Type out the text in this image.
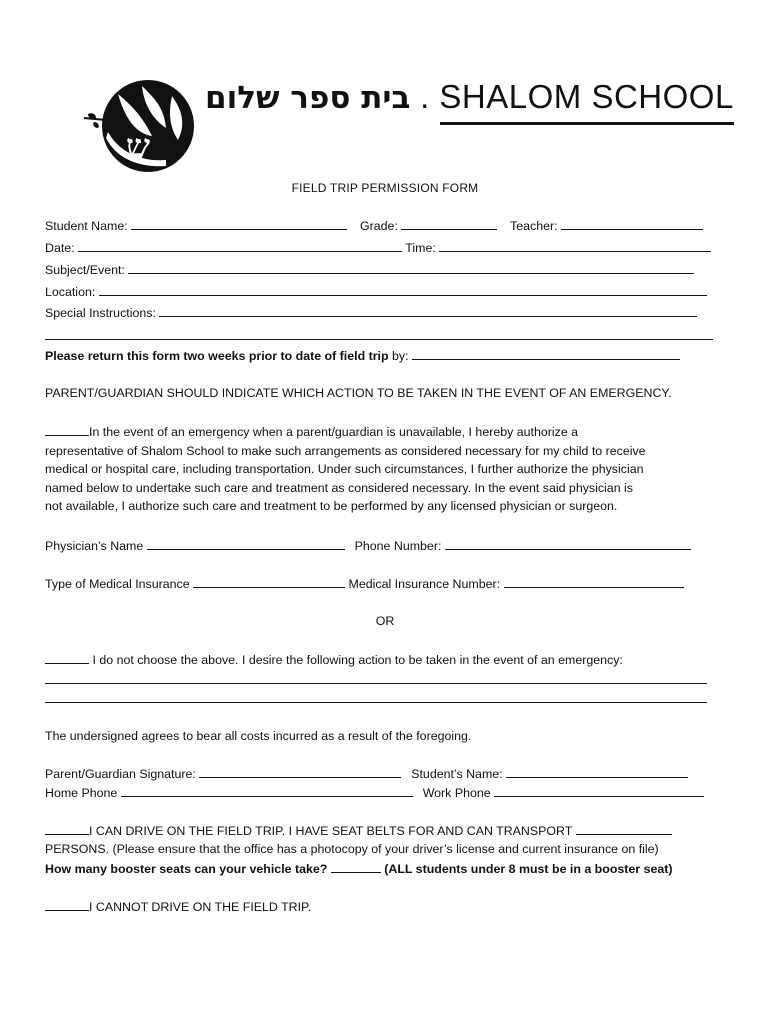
ש
בית ספר שלום . SHALOM SCHOOL
FIELD TRIP PERMISSION FORM
Student Name:	Grade:	Teacher:
Date:	Time:
Subject/Event:
Location:
Special Instructions:
Please return this form two weeks prior to date of field trip by:
PARENT/GUARDIAN SHOULD INDICATE WHICH ACTION TO BE TAKEN IN THE EVENT OF AN EMERGENCY.
In the event of an emergency when a parent/guardian is unavailable, I hereby authorize a
representative of Shalom School to make such arrangements as considered necessary for my child to receive
medical or hospital care, including transportation. Under such circumstances, I further authorize the physician
named below to undertake such care and treatment as considered necessary. In the event said physician is
not available, I authorize such care and treatment to be performed by any licensed physician or surgeon.
Physician’s Name	Phone Number:
Type of Medical Insurance	Medical Insurance Number:
OR
I do not choose the above. I desire the following action to be taken in the event of an emergency:
The undersigned agrees to bear all costs incurred as a result of the foregoing.
Parent/Guardian Signature:	Student’s Name:
Home Phone	Work Phone
I CAN DRIVE ON THE FIELD TRIP. I HAVE SEAT BELTS FOR AND CAN TRANSPORT
PERSONS. (Please ensure that the office has a photocopy of your driver’s license and current insurance on file)
How many booster seats can your vehicle take?	(ALL students under 8 must be in a booster seat)
I CANNOT DRIVE ON THE FIELD TRIP.
